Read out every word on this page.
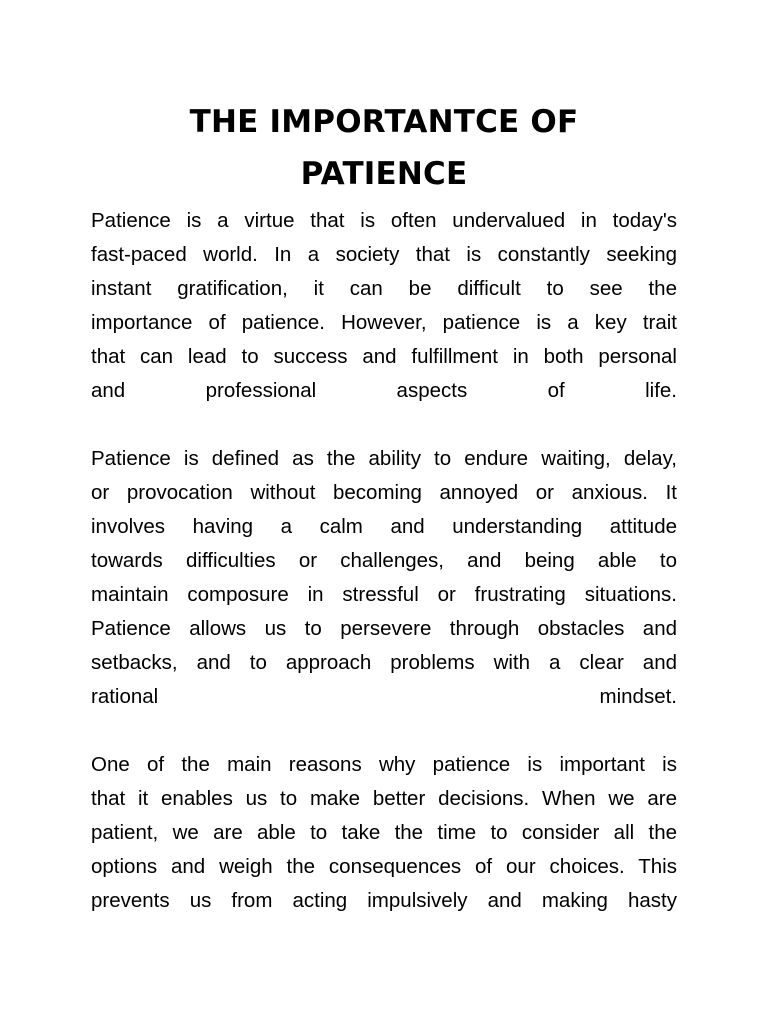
THE IMPORTANTCE OF
PATIENCE

Patience is a virtue that is often undervalued in today's
fast-paced world. In a society that is constantly seeking
instant gratification, it can be difficult to see the
importance of patience. However, patience is a key trait
that can lead to success and fulfillment in both personal
and professional aspects of life.

Patience is defined as the ability to endure waiting, delay,
or provocation without becoming annoyed or anxious. It
involves having a calm and understanding attitude
towards difficulties or challenges, and being able to
maintain composure in stressful or frustrating situations.
Patience allows us to persevere through obstacles and
setbacks, and to approach problems with a clear and
rational mindset.

One of the main reasons why patience is important is
that it enables us to make better decisions. When we are
patient, we are able to take the time to consider all the
options and weigh the consequences of our choices. This
prevents us from acting impulsively and making hasty
